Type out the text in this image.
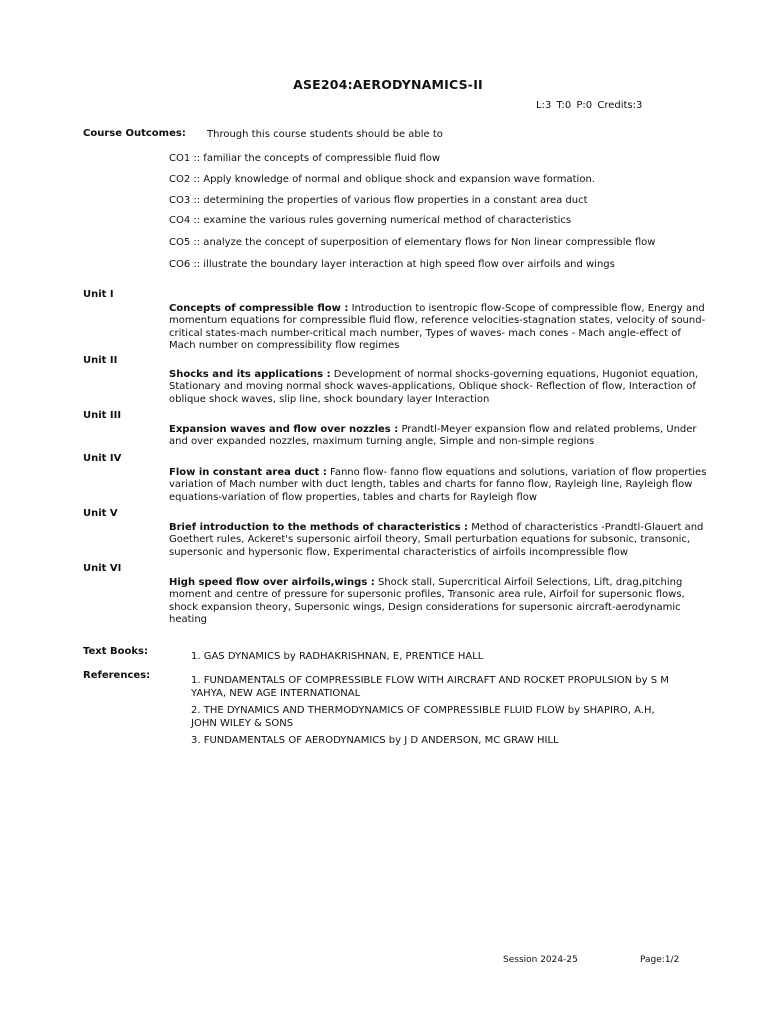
ASE204:AERODYNAMICS-II
L:3 T:0 P:0 Credits:3
Course Outcomes: Through this course students should be able to
CO1 :: familiar the concepts of compressible fluid flow
CO2 :: Apply knowledge of normal and oblique shock and expansion wave formation.
CO3 :: determining the properties of various flow properties in a constant area duct
CO4 :: examine the various rules governing numerical method of characteristics
CO5 :: analyze the concept of superposition of elementary flows for Non linear compressible flow
CO6 :: illustrate the boundary layer interaction at high speed flow over airfoils and wings
Unit I
Concepts of compressible flow : Introduction to isentropic flow-Scope of compressible flow, Energy and momentum equations for compressible fluid flow, reference velocities-stagnation states, velocity of sound-critical states-mach number-critical mach number, Types of waves- mach cones - Mach angle-effect of Mach number on compressibility flow regimes
Unit II
Shocks and its applications : Development of normal shocks-governing equations, Hugoniot equation, Stationary and moving normal shock waves-applications, Oblique shock- Reflection of flow, Interaction of oblique shock waves, slip line, shock boundary layer Interaction
Unit III
Expansion waves and flow over nozzles : Prandtl-Meyer expansion flow and related problems, Under and over expanded nozzles, maximum turning angle, Simple and non-simple regions
Unit IV
Flow in constant area duct : Fanno flow- fanno flow equations and solutions, variation of flow properties variation of Mach number with duct length, tables and charts for fanno flow, Rayleigh line, Rayleigh flow equations-variation of flow properties, tables and charts for Rayleigh flow
Unit V
Brief introduction to the methods of characteristics : Method of characteristics -Prandtl-Glauert and Goethert rules, Ackeret's supersonic airfoil theory, Small perturbation equations for subsonic, transonic, supersonic and hypersonic flow, Experimental characteristics of airfoils incompressible flow
Unit VI
High speed flow over airfoils,wings : Shock stall, Supercritical Airfoil Selections, Lift, drag,pitching moment and centre of pressure for supersonic profiles, Transonic area rule, Airfoil for supersonic flows, shock expansion theory, Supersonic wings, Design considerations for supersonic aircraft-aerodynamic heating
Text Books:	1. GAS DYNAMICS by RADHAKRISHNAN, E, PRENTICE HALL
References:	1. FUNDAMENTALS OF COMPRESSIBLE FLOW WITH AIRCRAFT AND ROCKET PROPULSION by S M YAHYA, NEW AGE INTERNATIONAL
2. THE DYNAMICS AND THERMODYNAMICS OF COMPRESSIBLE FLUID FLOW by SHAPIRO, A.H, JOHN WILEY & SONS
3. FUNDAMENTALS OF AERODYNAMICS by J D ANDERSON, MC GRAW HILL
Session 2024-25	Page:1/2
